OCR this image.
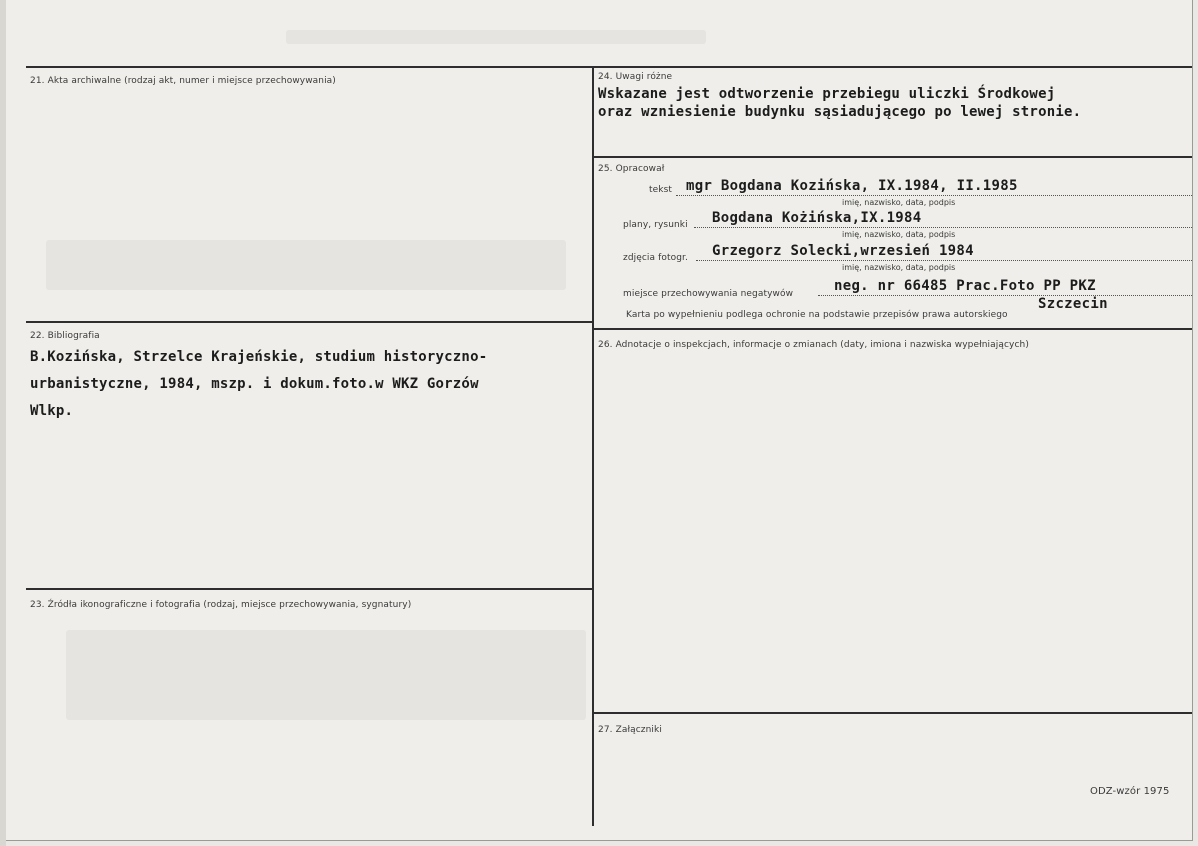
21. Akta archiwalne (rodzaj akt, numer i miejsce przechowywania)
22. Bibliografia
B.Kozińska, Strzelce Krajeńskie, studium historyczno-
urbanistyczne, 1984, mszp. i dokum.foto.w WKZ Gorzów
Wlkp.
23. Źródła ikonograficzne i fotografia (rodzaj, miejsce przechowywania, sygnatury)
24. Uwagi różne
Wskazane jest odtworzenie przebiegu uliczki Środkowej
oraz wzniesienie budynku sąsiadującego po lewej stronie.
25. Opracował
tekst mgr Bogdana Kozińska, IX.1984, II.1985
imię, nazwisko, data, podpis
plany, rysunki Bogdana Kożińska,IX.1984
imię, nazwisko, data, podpis
zdjęcia fotogr. Grzegorz Solecki,wrzesień 1984
imię, nazwisko, data, podpis
miejsce przechowywania negatywów	neg. nr 66485 Prac.Foto PP PKZ
Szczecin
Karta po wypełnieniu podlega ochronie na podstawie przepisów prawa autorskiego
26. Adnotacje o inspekcjach, informacje o zmianach (daty, imiona i nazwiska wypełniających)
27. Załączniki
ODZ-wzór 1975
